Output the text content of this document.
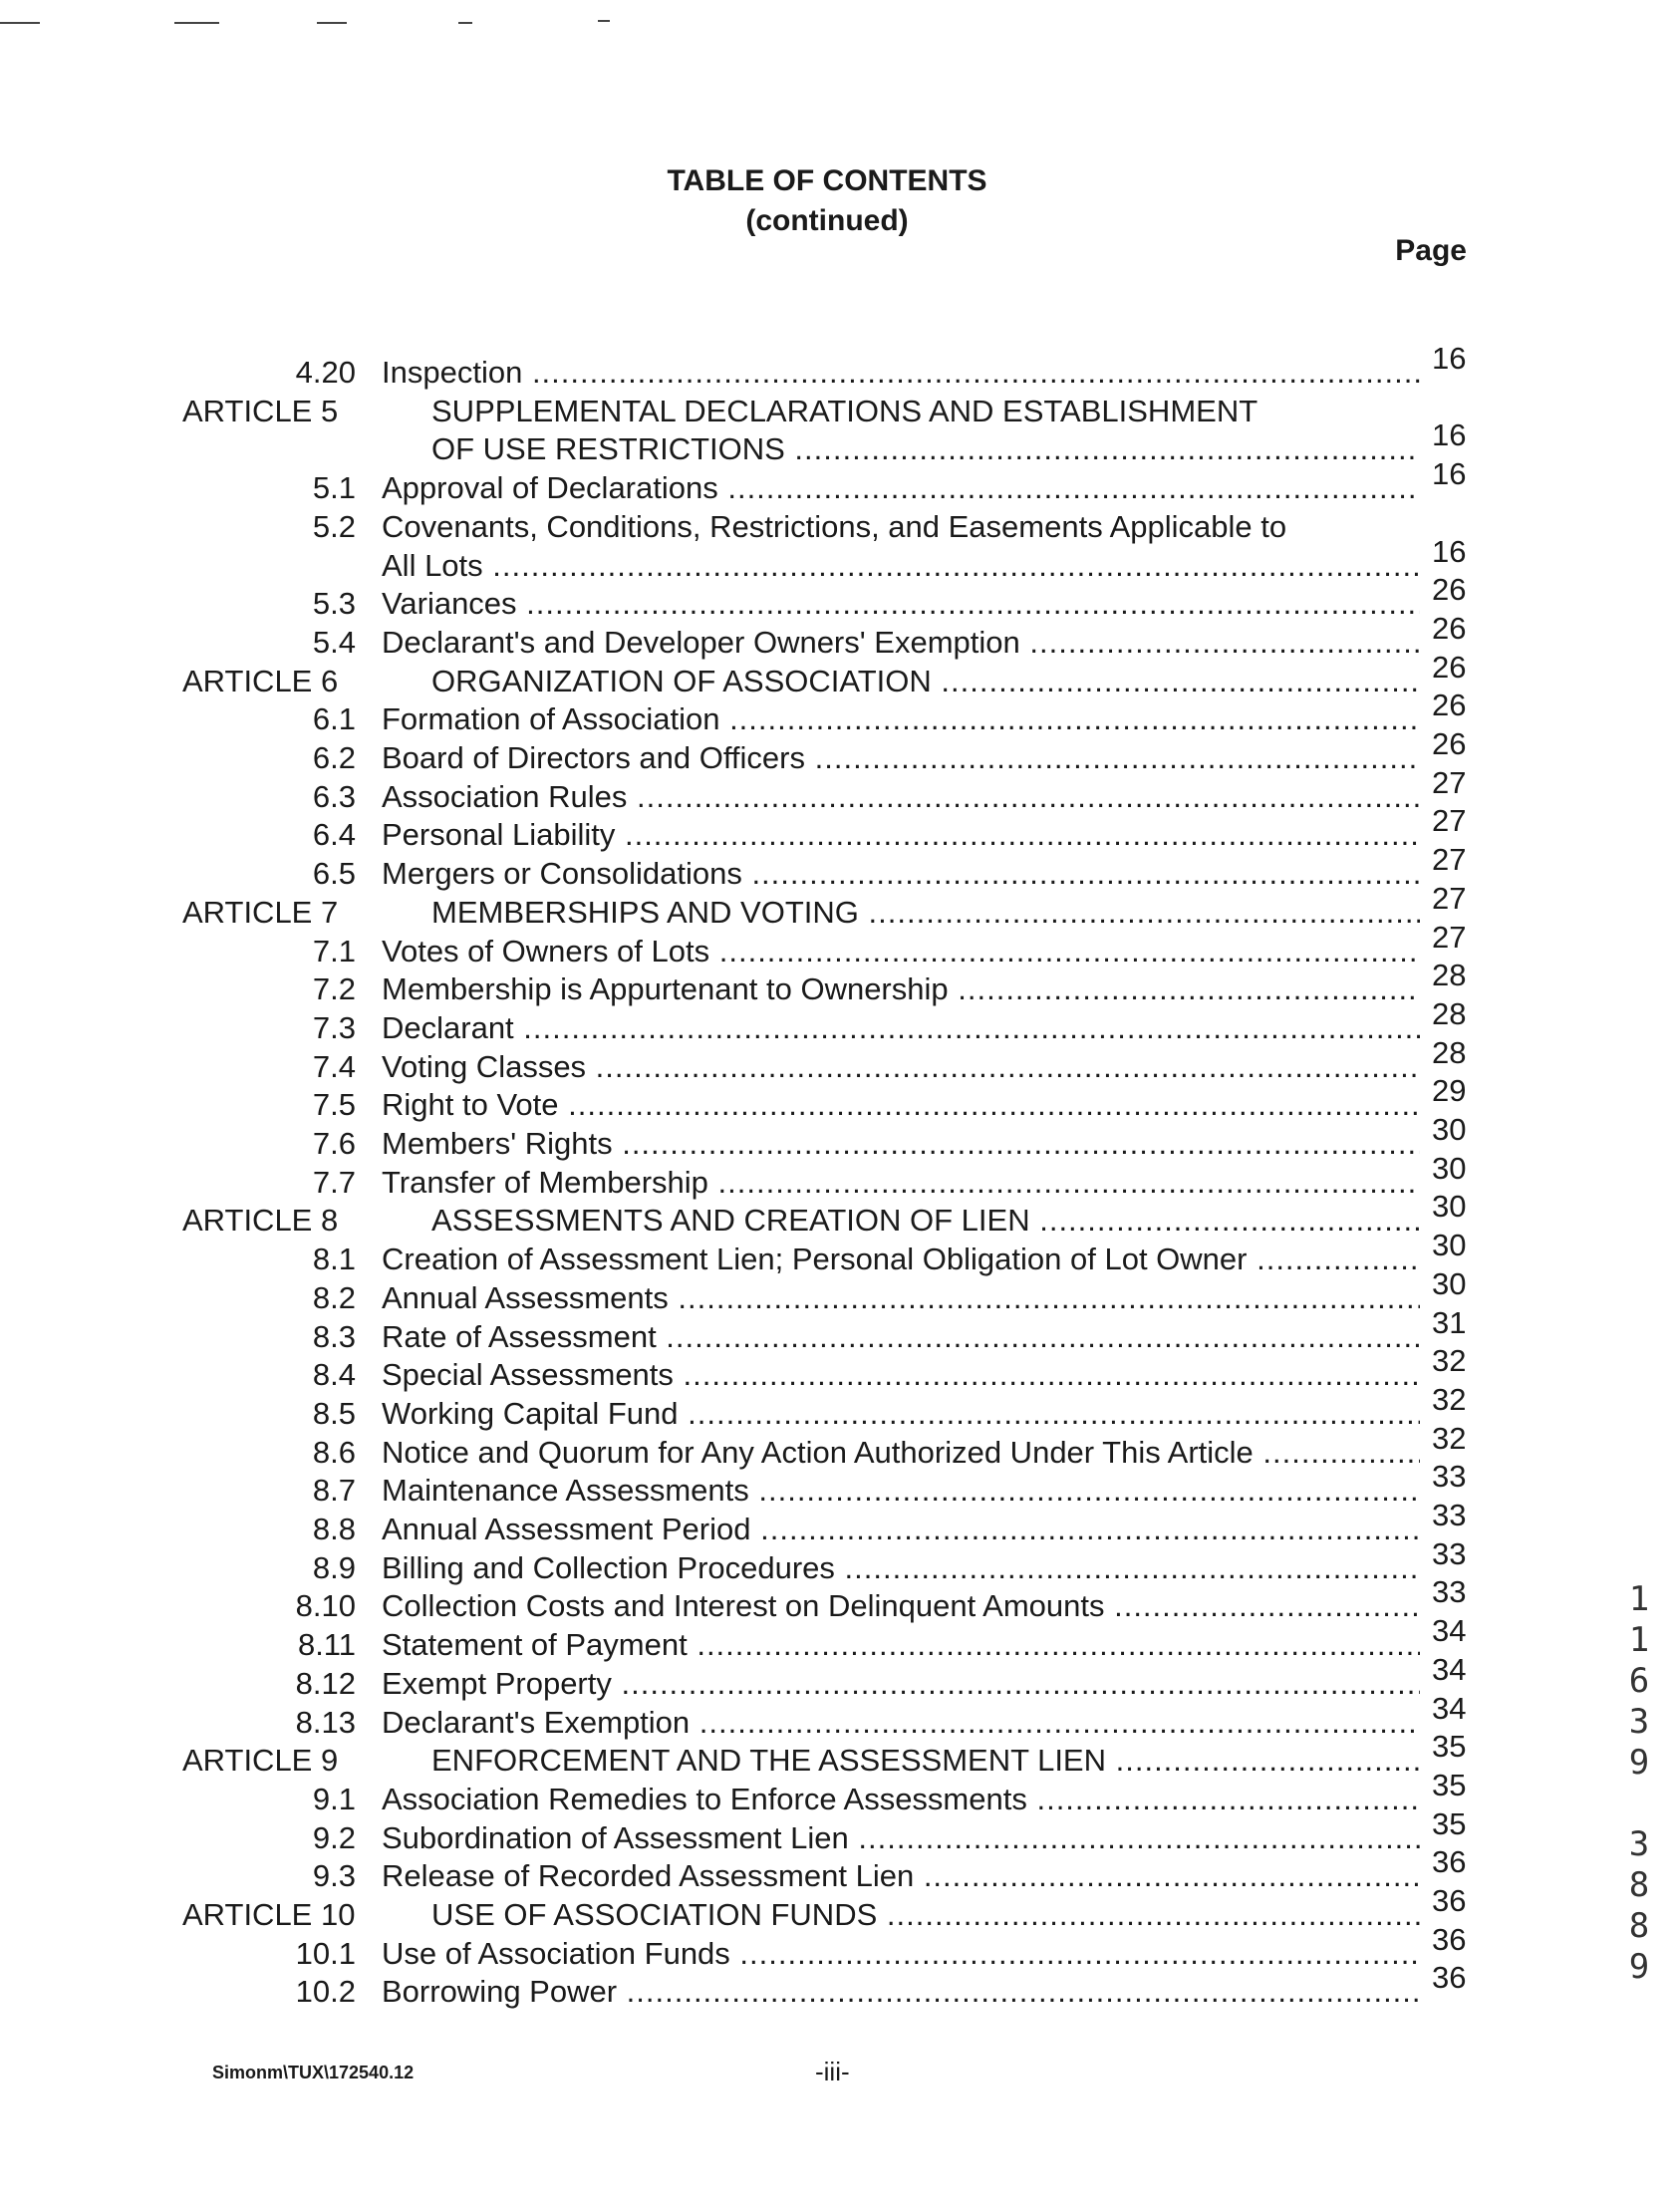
TABLE OF CONTENTS
(continued)
Page
4.20 Inspection .....	16
ARTICLE 5	SUPPLEMENTAL DECLARATIONS AND ESTABLISHMENT
OF USE RESTRICTIONS .....	16
5.1 Approval of Declarations .....	16
5.2 Covenants, Conditions, Restrictions, and Easements Applicable to
All Lots .....	16
5.3 Variances .....	26
5.4 Declarant's and Developer Owners' Exemption .....	26
ARTICLE 6	ORGANIZATION OF ASSOCIATION .....	26
6.1 Formation of Association .....	26
6.2 Board of Directors and Officers .....	26
6.3 Association Rules .....	27
6.4 Personal Liability .....	27
6.5 Mergers or Consolidations .....	27
ARTICLE 7	MEMBERSHIPS AND VOTING .....	27
7.1 Votes of Owners of Lots .....	27
7.2 Membership is Appurtenant to Ownership .....	28
7.3 Declarant .....	28
7.4 Voting Classes .....	28
7.5 Right to Vote .....	29
7.6 Members' Rights .....	30
7.7 Transfer of Membership .....	30
ARTICLE 8	ASSESSMENTS AND CREATION OF LIEN .....	30
8.1 Creation of Assessment Lien; Personal Obligation of Lot Owner .....	30
8.2 Annual Assessments .....	30
8.3 Rate of Assessment .....	31
8.4 Special Assessments .....	32
8.5 Working Capital Fund .....	32
8.6 Notice and Quorum for Any Action Authorized Under This Article .....	32
8.7 Maintenance Assessments .....	33
8.8 Annual Assessment Period .....	33
8.9 Billing and Collection Procedures .....	33
8.10 Collection Costs and Interest on Delinquent Amounts .....	33
8.11 Statement of Payment .....	34
8.12 Exempt Property .....	34
8.13 Declarant's Exemption .....	34
ARTICLE 9	ENFORCEMENT AND THE ASSESSMENT LIEN .....	35
9.1 Association Remedies to Enforce Assessments .....	35
9.2 Subordination of Assessment Lien .....	35
9.3 Release of Recorded Assessment Lien .....	36
ARTICLE 10 USE OF ASSOCIATION FUNDS .....	36
10.1 Use of Association Funds .....	36
10.2 Borrowing Power .....	36
Simonm\TUX\172540.12	-iii-
1
1
6
3
9
3
8
8
9
